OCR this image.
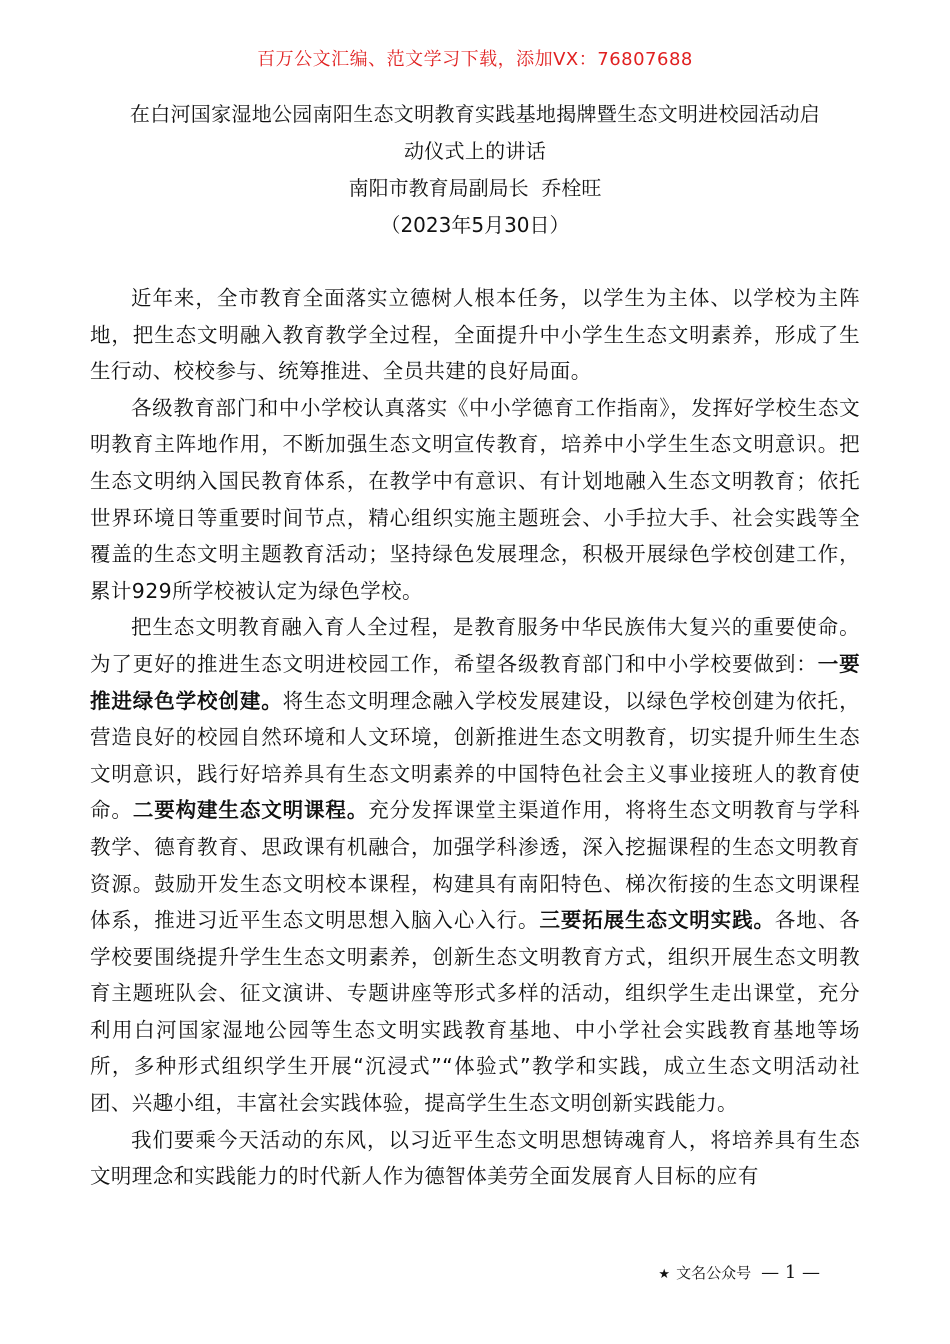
百万公文汇编、范文学习下载，添加VX：76807688
在白河国家湿地公园南阳生态文明教育实践基地揭牌暨生态文明进校园活动启
动仪式上的讲话
南阳市教育局副局长  乔栓旺
（2023年5月30日）

近年来，全市教育全面落实立德树人根本任务，以学生为主体、以学校为主阵地，把生态文明融入教育教学全过程，全面提升中小学生生态文明素养，形成了生生行动、校校参与、统筹推进、全员共建的良好局面。

各级教育部门和中小学校认真落实《中小学德育工作指南》，发挥好学校生态文明教育主阵地作用，不断加强生态文明宣传教育，培养中小学生生态文明意识。把生态文明纳入国民教育体系，在教学中有意识、有计划地融入生态文明教育；依托世界环境日等重要时间节点，精心组织实施主题班会、小手拉大手、社会实践等全覆盖的生态文明主题教育活动；坚持绿色发展理念，积极开展绿色学校创建工作，累计929所学校被认定为绿色学校。

把生态文明教育融入育人全过程，是教育服务中华民族伟大复兴的重要使命。为了更好的推进生态文明进校园工作，希望各级教育部门和中小学校要做到：一要推进绿色学校创建。将生态文明理念融入学校发展建设，以绿色学校创建为依托，营造良好的校园自然环境和人文环境，创新推进生态文明教育，切实提升师生生态文明意识，践行好培养具有生态文明素养的中国特色社会主义事业接班人的教育使命。二要构建生态文明课程。充分发挥课堂主渠道作用，将将生态文明教育与学科教学、德育教育、思政课有机融合，加强学科渗透，深入挖掘课程的生态文明教育资源。鼓励开发生态文明校本课程，构建具有南阳特色、梯次衔接的生态文明课程体系，推进习近平生态文明思想入脑入心入行。三要拓展生态文明实践。各地、各学校要围绕提升学生生态文明素养，创新生态文明教育方式，组织开展生态文明教育主题班队会、征文演讲、专题讲座等形式多样的活动，组织学生走出课堂，充分利用白河国家湿地公园等生态文明实践教育基地、中小学社会实践教育基地等场所，多种形式组织学生开展“沉浸式”“体验式”教学和实践，成立生态文明活动社团、兴趣小组，丰富社会实践体验，提高学生生态文明创新实践能力。

我们要乘今天活动的东风，以习近平生态文明思想铸魂育人，将培养具有生态文明理念和实践能力的时代新人作为德智体美劳全面发展育人目标的应有

★ 文名公众号 — 1 —
